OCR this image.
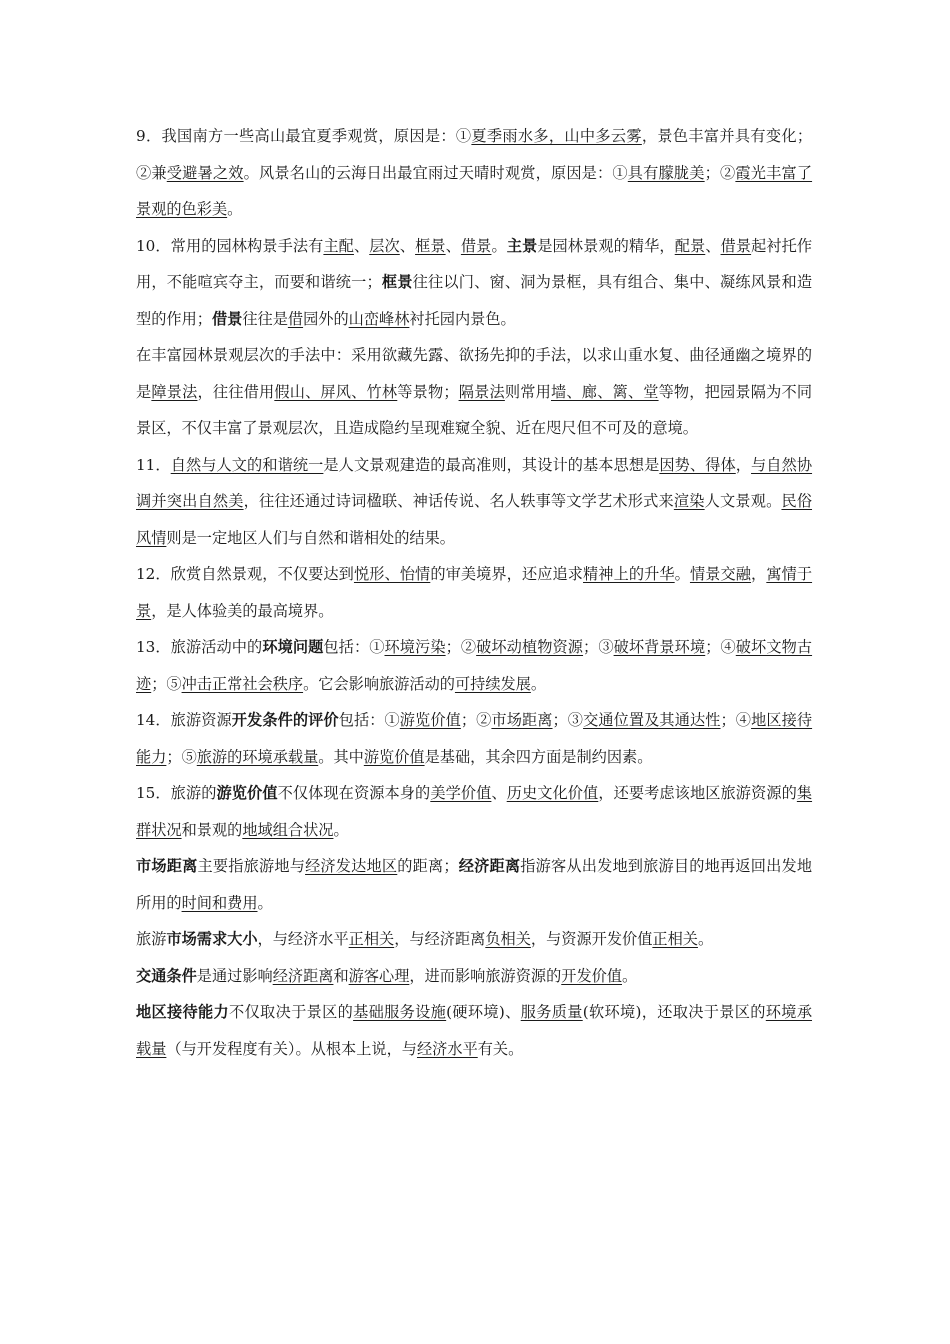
9．我国南方一些高山最宜夏季观赏，原因是：①夏季雨水多，山中多云雾，景色丰富并具有变化；②兼受避暑之效。风景名山的云海日出最宜雨过天晴时观赏，原因是：①具有朦胧美；②霞光丰富了景观的色彩美。

10．常用的园林构景手法有主配、层次、框景、借景。主景是园林景观的精华，配景、借景起衬托作用，不能喧宾夺主，而要和谐统一；框景往往以门、窗、洞为景框，具有组合、集中、凝练风景和造型的作用；借景往往是借园外的山峦峰林衬托园内景色。

在丰富园林景观层次的手法中：采用欲藏先露、欲扬先抑的手法，以求山重水复、曲径通幽之境界的是障景法，往往借用假山、屏风、竹林等景物；隔景法则常用墙、廊、篱、堂等物，把园景隔为不同景区，不仅丰富了景观层次，且造成隐约呈现难窥全貌、近在咫尺但不可及的意境。

11．自然与人文的和谐统一是人文景观建造的最高准则，其设计的基本思想是因势、得体，与自然协调并突出自然美，往往还通过诗词楹联、神话传说、名人轶事等文学艺术形式来渲染人文景观。民俗风情则是一定地区人们与自然和谐相处的结果。

12．欣赏自然景观，不仅要达到悦形、怡情的审美境界，还应追求精神上的升华。情景交融，寓情于景，是人体验美的最高境界。

13．旅游活动中的环境问题包括：①环境污染；②破坏动植物资源；③破坏背景环境；④破坏文物古迹；⑤冲击正常社会秩序。它会影响旅游活动的可持续发展。

14．旅游资源开发条件的评价包括：①游览价值；②市场距离；③交通位置及其通达性；④地区接待能力；⑤旅游的环境承载量。其中游览价值是基础，其余四方面是制约因素。

15．旅游的游览价值不仅体现在资源本身的美学价值、历史文化价值，还要考虑该地区旅游资源的集群状况和景观的地域组合状况。

市场距离主要指旅游地与经济发达地区的距离；经济距离指游客从出发地到旅游目的地再返回出发地所用的时间和费用。

旅游市场需求大小，与经济水平正相关，与经济距离负相关，与资源开发价值正相关。

交通条件是通过影响经济距离和游客心理，进而影响旅游资源的开发价值。

地区接待能力不仅取决于景区的基础服务设施(硬环境)、服务质量(软环境)，还取决于景区的环境承载量（与开发程度有关）。从根本上说，与经济水平有关。
